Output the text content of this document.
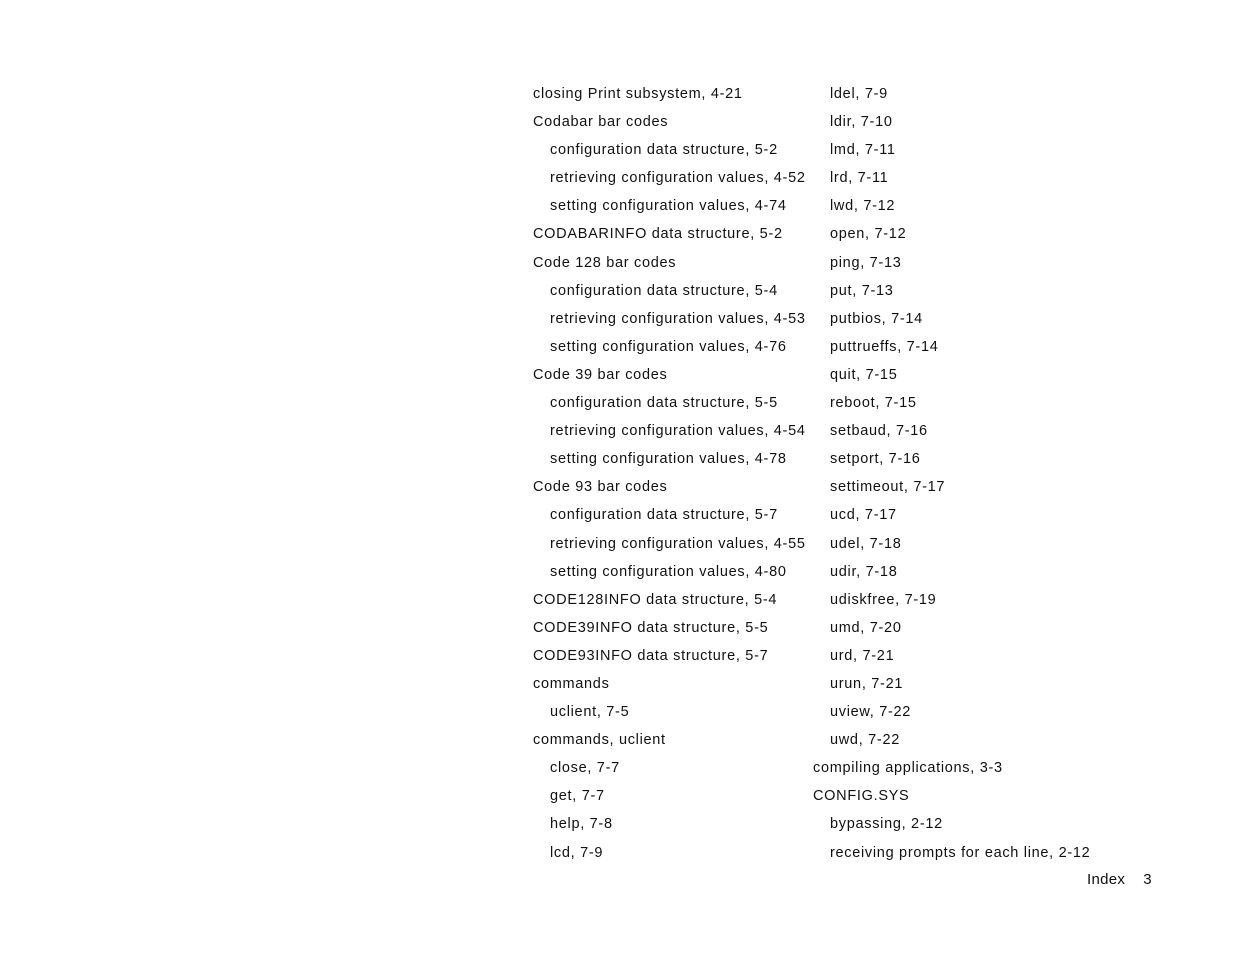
closing Print subsystem, 4-21
Codabar bar codes
configuration data structure, 5-2
retrieving configuration values, 4-52
setting configuration values, 4-74
CODABARINFO data structure, 5-2
Code 128 bar codes
configuration data structure, 5-4
retrieving configuration values, 4-53
setting configuration values, 4-76
Code 39 bar codes
configuration data structure, 5-5
retrieving configuration values, 4-54
setting configuration values, 4-78
Code 93 bar codes
configuration data structure, 5-7
retrieving configuration values, 4-55
setting configuration values, 4-80
CODE128INFO data structure, 5-4
CODE39INFO data structure, 5-5
CODE93INFO data structure, 5-7
commands
uclient, 7-5
commands, uclient
close, 7-7
get, 7-7
help, 7-8
lcd, 7-9
ldel, 7-9
ldir, 7-10
lmd, 7-11
lrd, 7-11
lwd, 7-12
open, 7-12
ping, 7-13
put, 7-13
putbios, 7-14
puttrueffs, 7-14
quit, 7-15
reboot, 7-15
setbaud, 7-16
setport, 7-16
settimeout, 7-17
ucd, 7-17
udel, 7-18
udir, 7-18
udiskfree, 7-19
umd, 7-20
urd, 7-21
urun, 7-21
uview, 7-22
uwd, 7-22
compiling applications, 3-3
CONFIG.SYS
bypassing, 2-12
receiving prompts for each line, 2-12
Index 3
